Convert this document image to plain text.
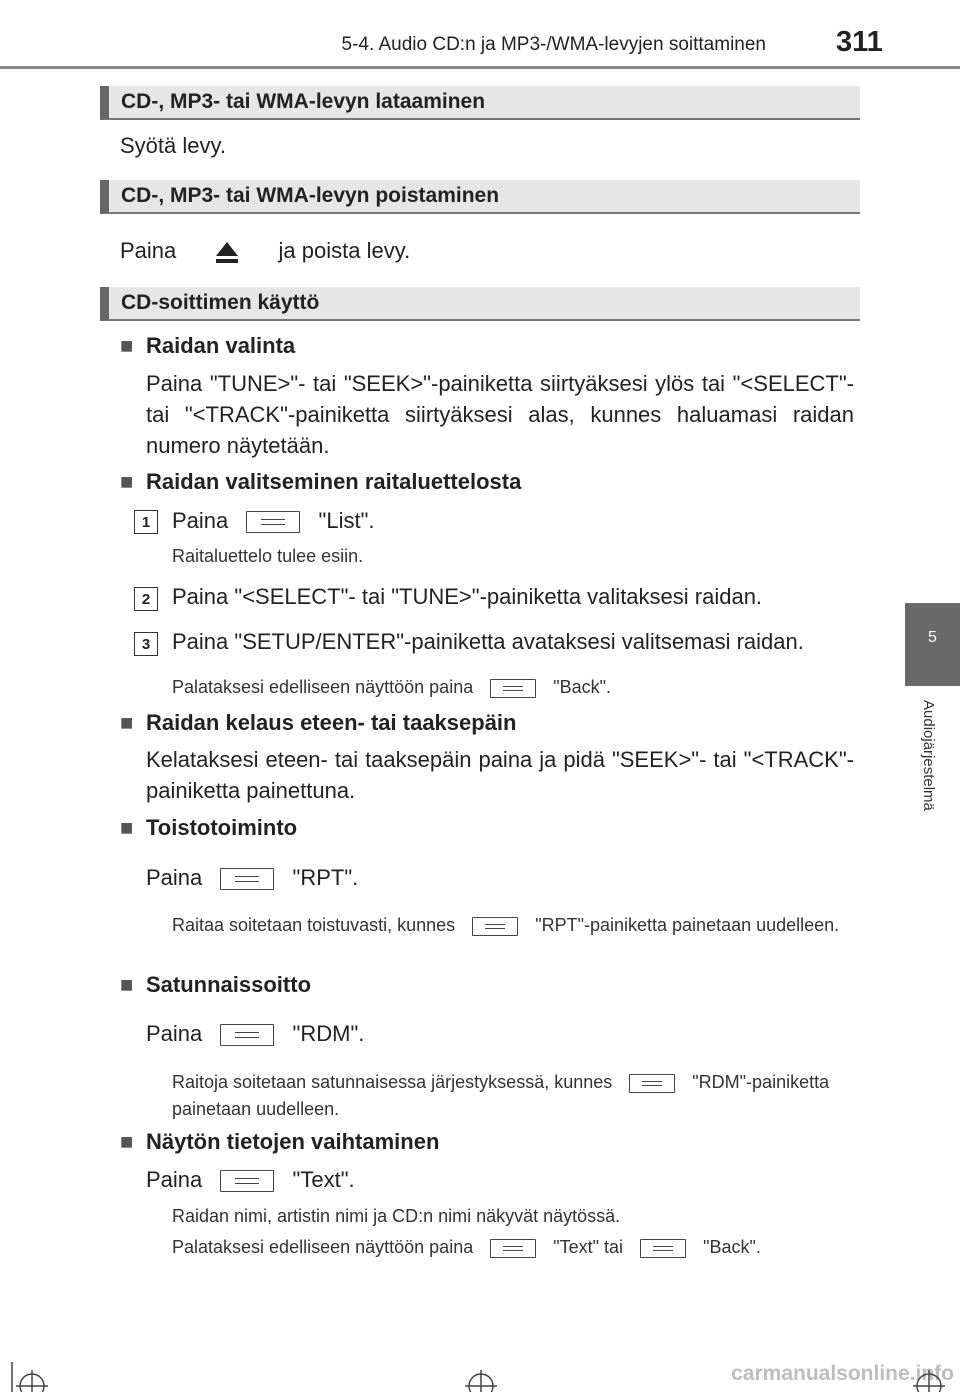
5-4. Audio CD:n ja MP3-/WMA-levyjen soittaminen 311
5
Audiojärjestelmä
CD-, MP3- tai WMA-levyn lataaminen
Syötä levy.
CD-, MP3- tai WMA-levyn poistaminen
Paina	ja poista levy.
CD-soittimen käyttö
■ Raidan valinta
Paina "TUNE>"- tai "SEEK>"-painiketta siirtyäksesi ylös tai "<SELECT"- tai "<TRACK"-painiketta siirtyäksesi alas, kunnes haluamasi raidan numero näytetään.
■ Raidan valitseminen raitaluettelosta
1 Paina	"List".
Raitaluettelo tulee esiin.
2 Paina "<SELECT"- tai "TUNE>"-painiketta valitaksesi raidan.
3 Paina "SETUP/ENTER"-painiketta avataksesi valitsemasi raidan.
Palataksesi edelliseen näyttöön paina	"Back".
■ Raidan kelaus eteen- tai taaksepäin
Kelataksesi eteen- tai taaksepäin paina ja pidä "SEEK>"- tai "<TRACK"-painiketta painettuna.
■ Toistotoiminto
Paina	"RPT".
Raitaa soitetaan toistuvasti, kunnes	"RPT"-painiketta painetaan uudelleen.
■ Satunnaissoitto
Paina	"RDM".
Raitoja soitetaan satunnaisessa järjestyksessä, kunnes	"RDM"-painiketta painetaan uudelleen.
■ Näytön tietojen vaihtaminen
Paina	"Text".
Raidan nimi, artistin nimi ja CD:n nimi näkyvät näytössä.
Palataksesi edelliseen näyttöön paina	"Text" tai	"Back".
carmanualsonline.info
